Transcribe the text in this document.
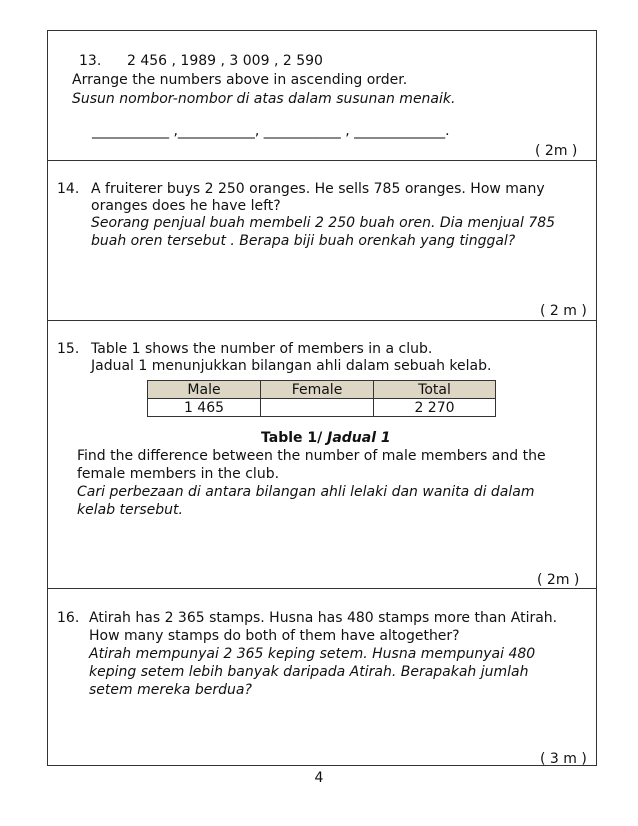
13. 2 456 , 1989 , 3 009 , 2 590
Arrange the numbers above in ascending order.
Susun nombor-nombor di atas dalam susunan menaik.
___________ ,___________, ___________ , _____________.
( 2m )
14. A fruiterer buys 2 250 oranges. He sells 785 oranges. How many
oranges does he have left?
Seorang penjual buah membeli 2 250 buah oren. Dia menjual 785
buah oren tersebut . Berapa biji buah orenkah yang tinggal?
( 2 m )
15. Table 1 shows the number of members in a club.
Jadual 1 menunjukkan bilangan ahli dalam sebuah kelab.
Male	Female	Total
1 465		2 270
Table 1/ Jadual 1
Find the difference between the number of male members and the
female members in the club.
Cari perbezaan di antara bilangan ahli lelaki dan wanita di dalam
kelab tersebut.
( 2m )
16. Atirah has 2 365 stamps. Husna has 480 stamps more than Atirah.
How many stamps do both of them have altogether?
Atirah mempunyai 2 365 keping setem. Husna mempunyai 480
keping setem lebih banyak daripada Atirah. Berapakah jumlah
setem mereka berdua?
( 3 m )
4
